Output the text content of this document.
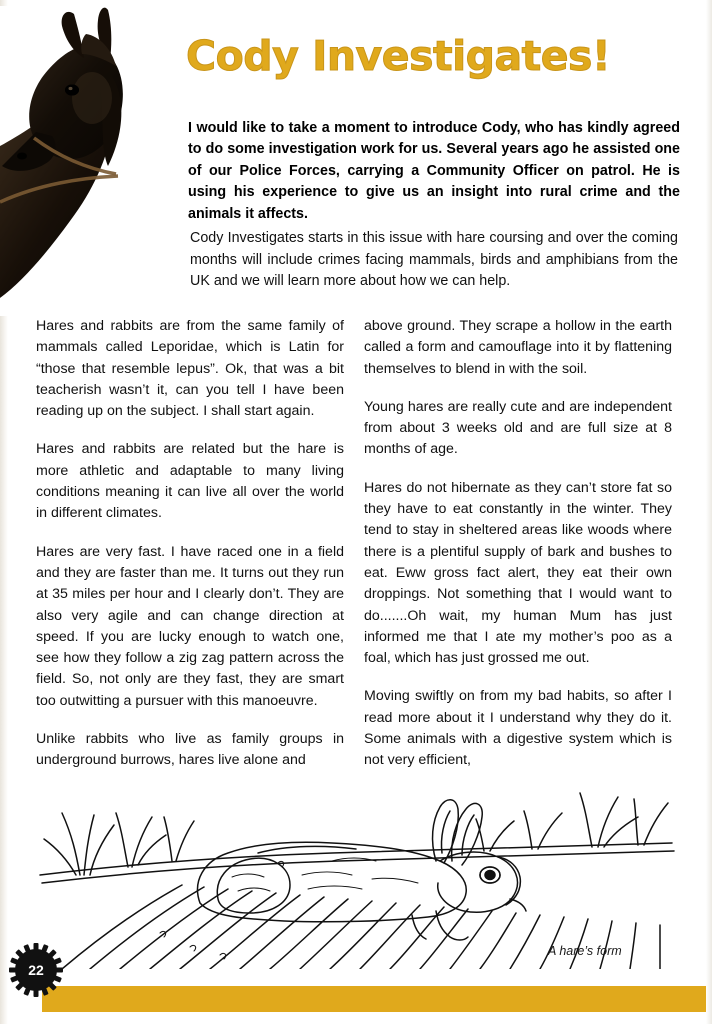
Cody Investigates!
I would like to take a moment to introduce Cody, who has kindly agreed to do some investigation work for us. Several years ago he assisted one of our Police Forces, carrying a Community Officer on patrol. He is using his experience to give us an insight into rural crime and the animals it affects.
Cody Investigates starts in this issue with hare coursing and over the coming months will include crimes facing mammals, birds and amphibians from the UK and we will learn more about how we can help.

Hares and rabbits are from the same family of mammals called Leporidae, which is Latin for “those that resemble lepus”. Ok, that was a bit teacherish wasn’t it, can you tell I have been reading up on the subject. I shall start again.

Hares and rabbits are related but the hare is more athletic and adaptable to many living conditions meaning it can live all over the world in different climates.

Hares are very fast. I have raced one in a field and they are faster than me. It turns out they run at 35 miles per hour and I clearly don’t. They are also very agile and can change direction at speed. If you are lucky enough to watch one, see how they follow a zig zag pattern across the field. So, not only are they fast, they are smart too outwitting a pursuer with this manoeuvre.

Unlike rabbits who live as family groups in underground burrows, hares live alone and

above ground. They scrape a hollow in the earth called a form and camouflage into it by flattening themselves to blend in with the soil.

Young hares are really cute and are independent from about 3 weeks old and are full size at 8 months of age.

Hares do not hibernate as they can’t store fat so they have to eat constantly in the winter. They tend to stay in sheltered areas like woods where there is a plentiful supply of bark and bushes to eat. Eww gross fact alert, they eat their own droppings. Not something that I would want to do.......Oh wait, my human Mum has just informed me that I ate my mother’s poo as a foal, which has just grossed me out.

Moving swiftly on from my bad habits, so after I read more about it I understand why they do it. Some animals with a digestive system which is not very efficient,

A hare’s form
22
